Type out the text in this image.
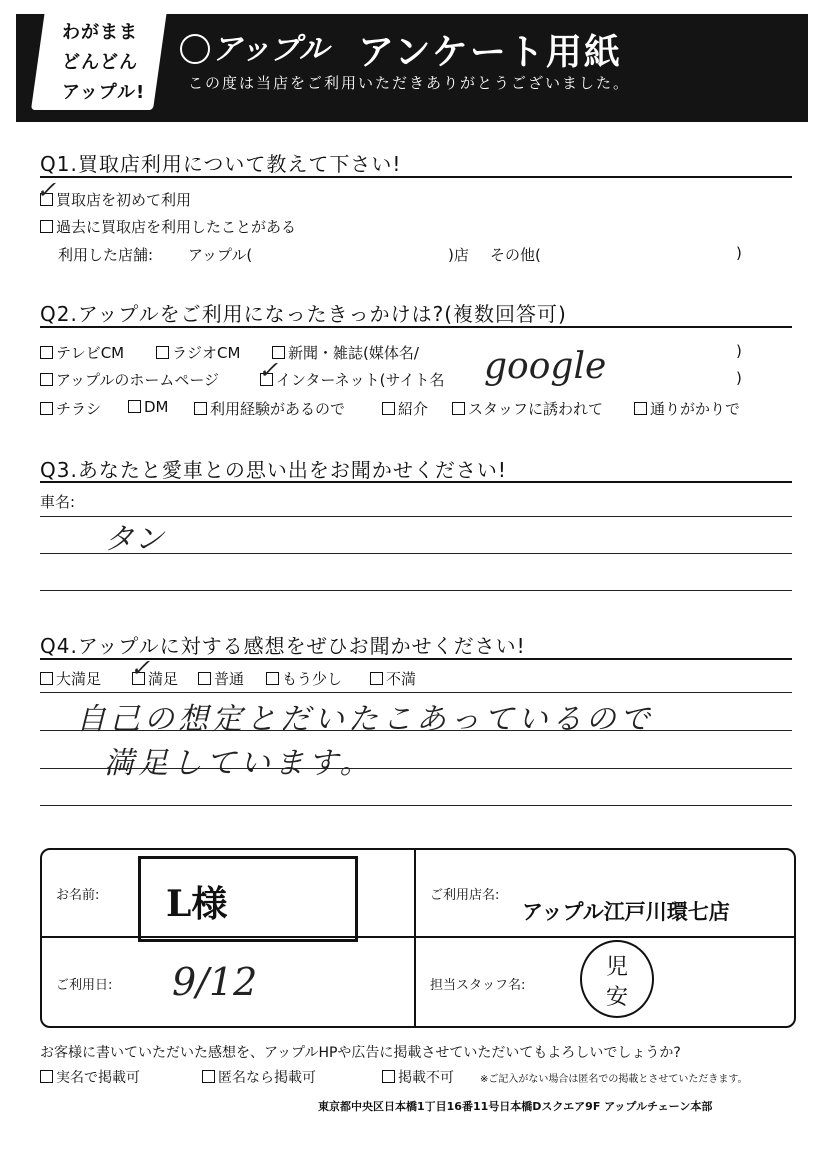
わがまま
どんどん
アップル!
アップル アンケート用紙
この度は当店をご利用いただきありがとうございました。
Q1.買取店利用について教えて下さい!
買取店を初めて利用
✓
過去に買取店を利用したことがある
利用した店舗: アップル(	)店 その他(	)
Q2.アップルをご利用になったきっかけは?(複数回答可)
テレビCM	ラジオCM	新聞・雑誌(媒体名/	)
アップルのホームページ	インターネット(サイト名
✓	google	)
チラシ	DM	利用経験があるので	紹介	スタッフに誘われて	通りがかりで
Q3.あなたと愛車との思い出をお聞かせください!
車名:
タン
Q4.アップルに対する感想をぜひお聞かせください!
大満足	満足
✓	普通	もう少し	不満
自己の想定とだいたこあっているので
満足しています。
お名前: L様	ご利用店名:
アップル江戸川環七店
ご利用日: 9/12	担当スタッフ名:
児
安
お客様に書いていただいた感想を、アップルHPや広告に掲載させていただいてもよろしいでしょうか?
実名で掲載可	匿名なら掲載可	掲載不可	※ご記入がない場合は匿名での掲載とさせていただきます。
東京都中央区日本橋1丁目16番11号日本橋Dスクエア9F アップルチェーン本部
